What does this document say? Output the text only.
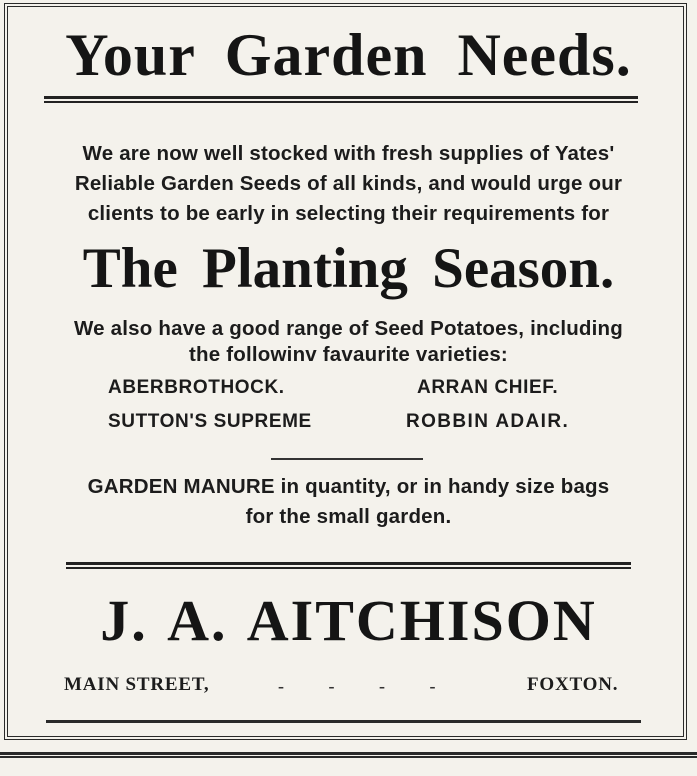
Your Garden Needs.
We are now well stocked with fresh supplies of Yates'
Reliable Garden Seeds of all kinds, and would urge our
clients to be early in selecting their requirements for
The Planting Season.
We also have a good range of Seed Potatoes, including
the followinv favaurite varieties:
ABERBROTHOCK.	ARRAN CHIEF.
SUTTON'S SUPREME	ROBBIN ADAIR.
GARDEN MANURE in quantity, or in handy size bags
for the small garden.
J. A. AITCHISON
MAIN STREET,	- - - -	FOXTON.
